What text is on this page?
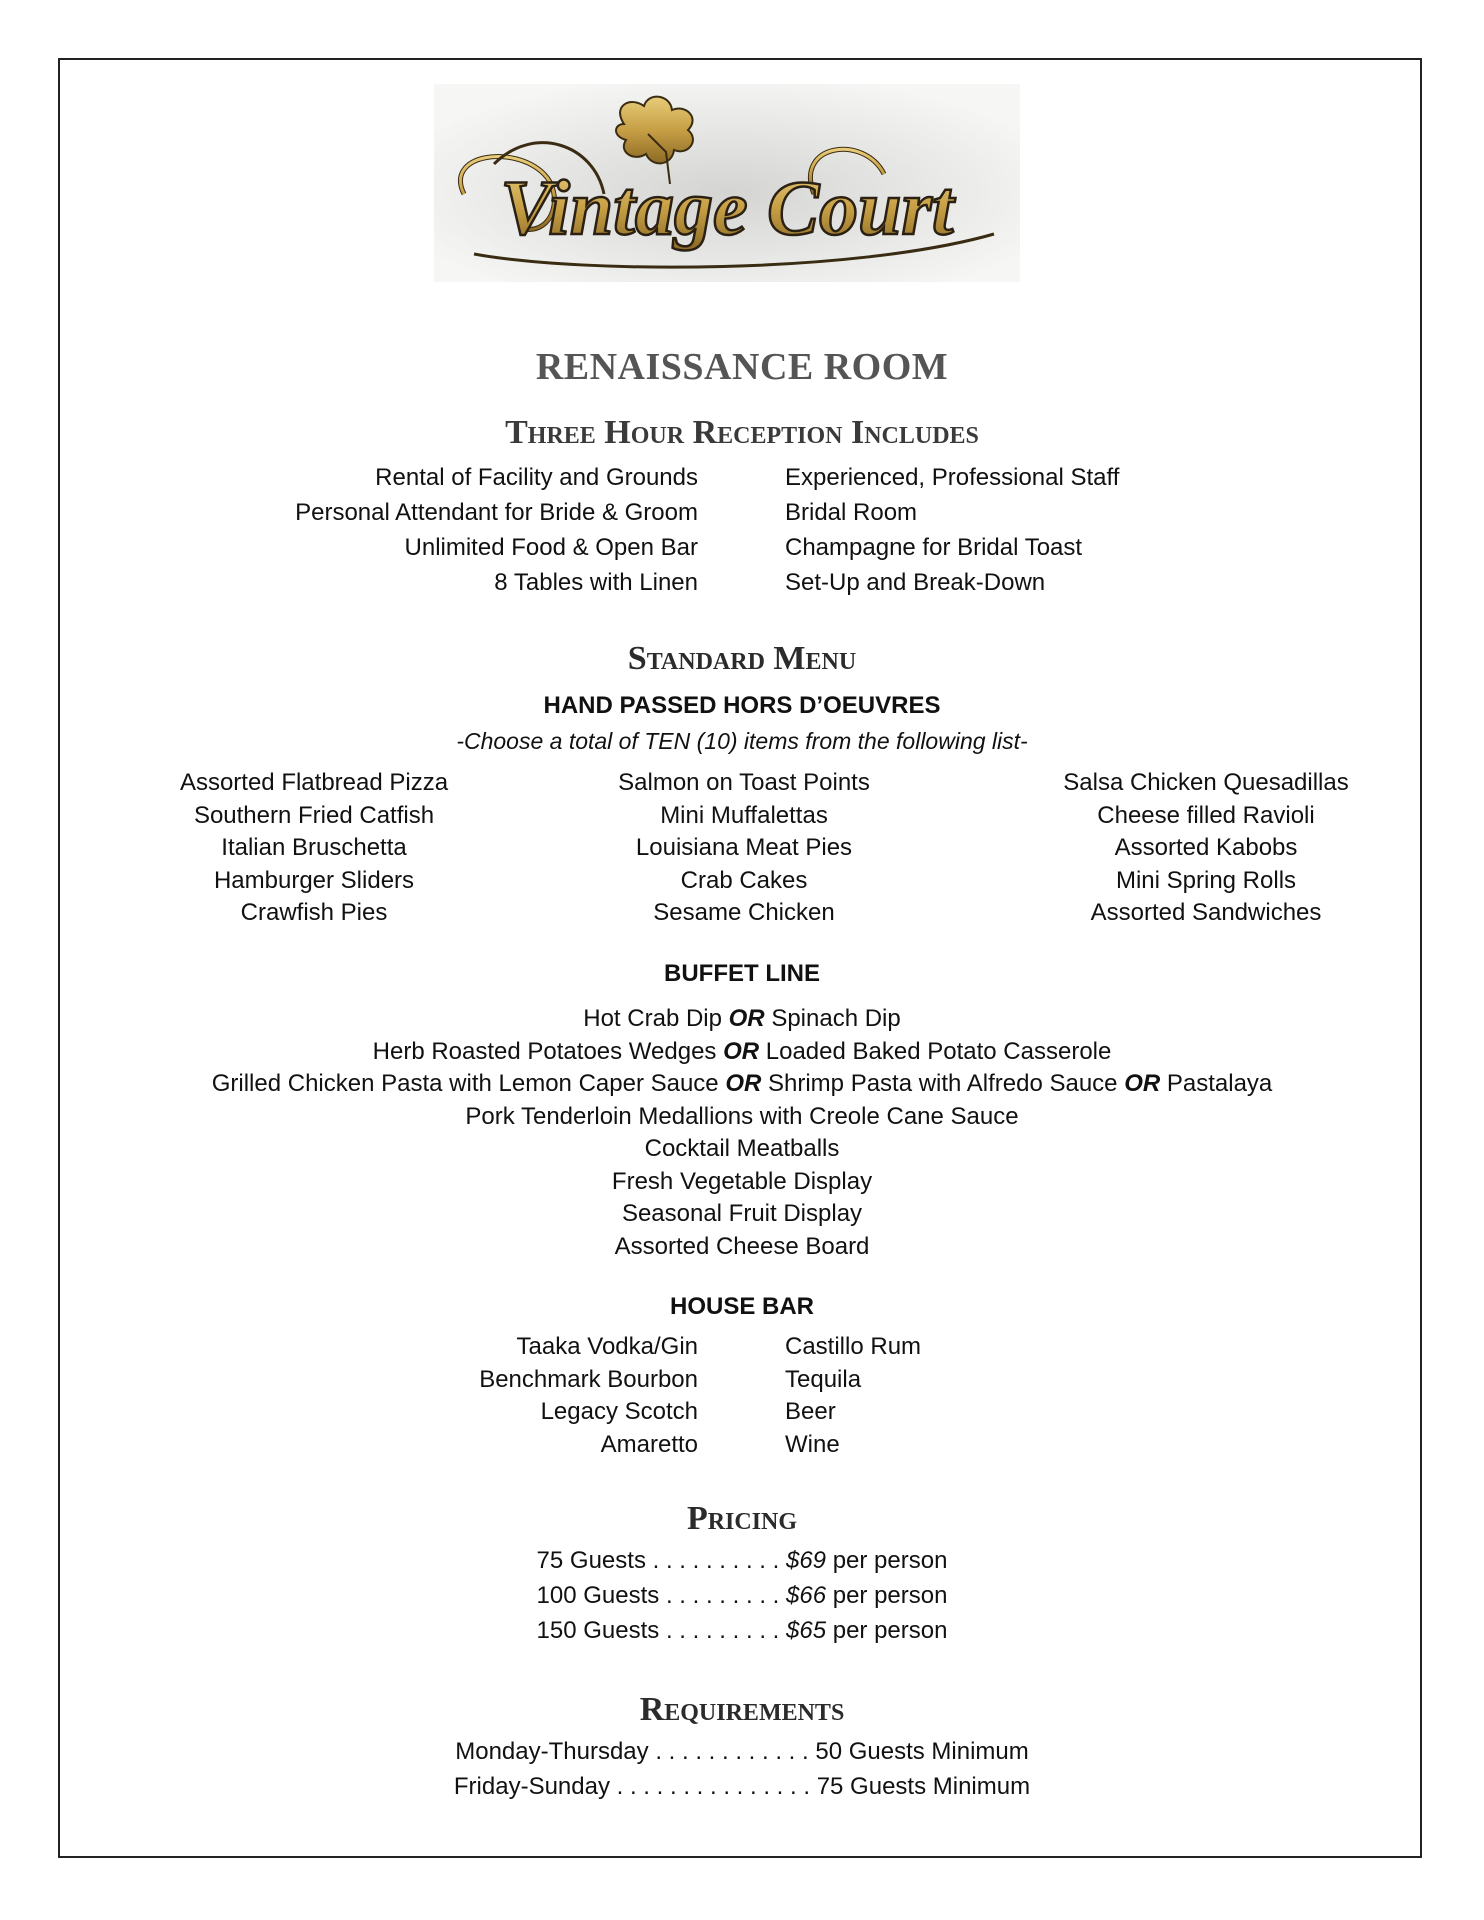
Vintage Court
RENAISSANCE ROOM
Three Hour Reception Includes
Rental of Facility and Grounds
Personal Attendant for Bride & Groom
Unlimited Food & Open Bar
8 Tables with Linen
Experienced, Professional Staff
Bridal Room
Champagne for Bridal Toast
Set-Up and Break-Down
Standard Menu
HAND PASSED HORS D’OEUVRES
-Choose a total of TEN (10) items from the following list-
Assorted Flatbread Pizza
Southern Fried Catfish
Italian Bruschetta
Hamburger Sliders
Crawfish Pies
Salmon on Toast Points
Mini Muffalettas
Louisiana Meat Pies
Crab Cakes
Sesame Chicken
Salsa Chicken Quesadillas
Cheese filled Ravioli
Assorted Kabobs
Mini Spring Rolls
Assorted Sandwiches
BUFFET LINE
Hot Crab Dip OR Spinach Dip
Herb Roasted Potatoes Wedges OR Loaded Baked Potato Casserole
Grilled Chicken Pasta with Lemon Caper Sauce OR Shrimp Pasta with Alfredo Sauce OR Pastalaya
Pork Tenderloin Medallions with Creole Cane Sauce
Cocktail Meatballs
Fresh Vegetable Display
Seasonal Fruit Display
Assorted Cheese Board
HOUSE BAR
Taaka Vodka/Gin
Benchmark Bourbon
Legacy Scotch
Amaretto
Castillo Rum
Tequila
Beer
Wine
Pricing
75 Guests . . . . . . . . . . $69 per person
100 Guests . . . . . . . . . $66 per person
150 Guests . . . . . . . . . $65 per person
Requirements
Monday-Thursday . . . . . . . . . . . . 50 Guests Minimum
Friday-Sunday . . . . . . . . . . . . . . . 75 Guests Minimum
